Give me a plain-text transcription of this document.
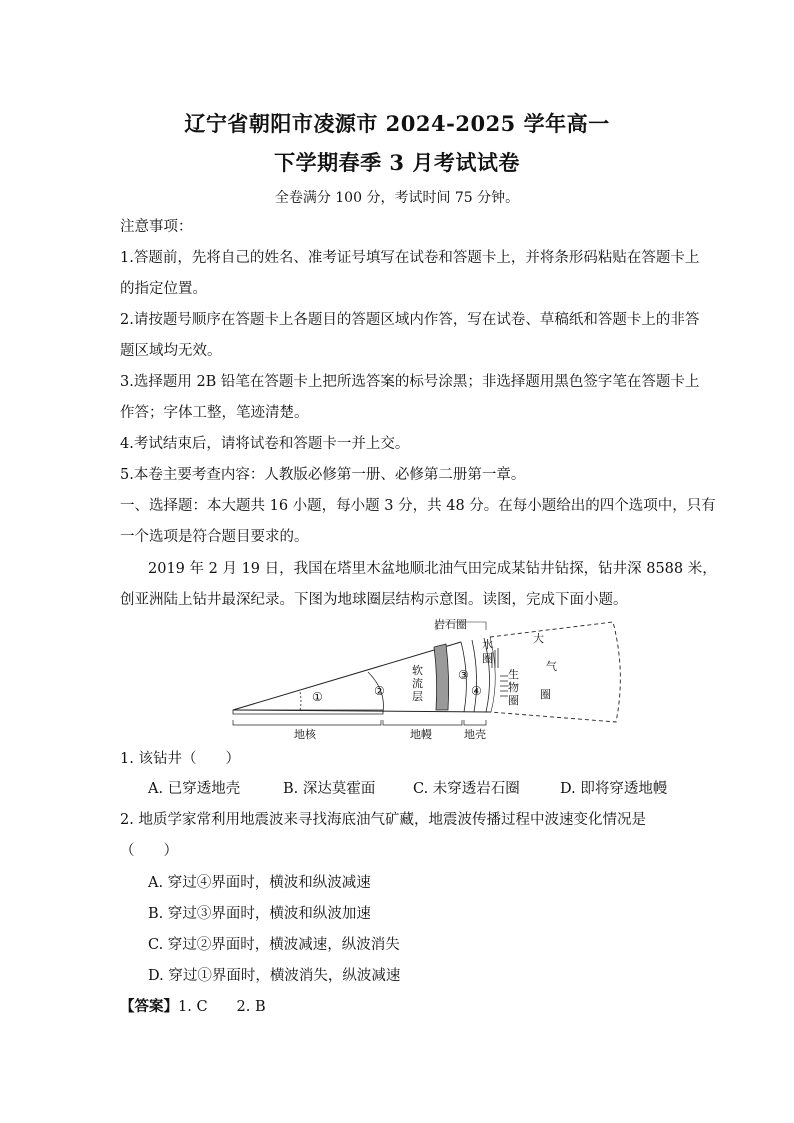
辽宁省朝阳市凌源市 2024-2025 学年高一
下学期春季 3 月考试试卷
全卷满分 100 分，考试时间 75 分钟。
注意事项：
1.答题前，先将自己的姓名、准考证号填写在试卷和答题卡上，并将条形码粘贴在答题卡上
的指定位置。
2.请按题号顺序在答题卡上各题目的答题区域内作答，写在试卷、草稿纸和答题卡上的非答
题区域均无效。
3.选择题用 2B 铅笔在答题卡上把所选答案的标号涂黑；非选择题用黑色签字笔在答题卡上
作答；字体工整，笔迹清楚。
4.考试结束后，请将试卷和答题卡一并上交。
5.本卷主要考查内容：人教版必修第一册、必修第二册第一章。
一、选择题：本大题共 16 小题，每小题 3 分，共 48 分。在每小题给出的四个选项中，只有
一个选项是符合题目要求的。
2019 年 2 月 19 日，我国在塔里木盆地顺北油气田完成某钻井钻探，钻井深 8588 米，
创亚洲陆上钻井最深纪录。下图为地球圈层结构示意图。读图，完成下面小题。
岩石圈
水
圈
大
气
圈
生
物
圈
软
流
层
①	②
③
④
地核	地幔	地壳
1. 该钻井（　　）
A. 已穿透地壳	B. 深达莫霍面	C. 未穿透岩石圈	D. 即将穿透地幔
2. 地质学家常利用地震波来寻找海底油气矿藏，地震波传播过程中波速变化情况是
（　　）
A. 穿过④界面时，横波和纵波减速
B. 穿过③界面时，横波和纵波加速
C. 穿过②界面时，横波减速，纵波消失
D. 穿过①界面时，横波消失，纵波减速
【答案】1. C　　2. B
